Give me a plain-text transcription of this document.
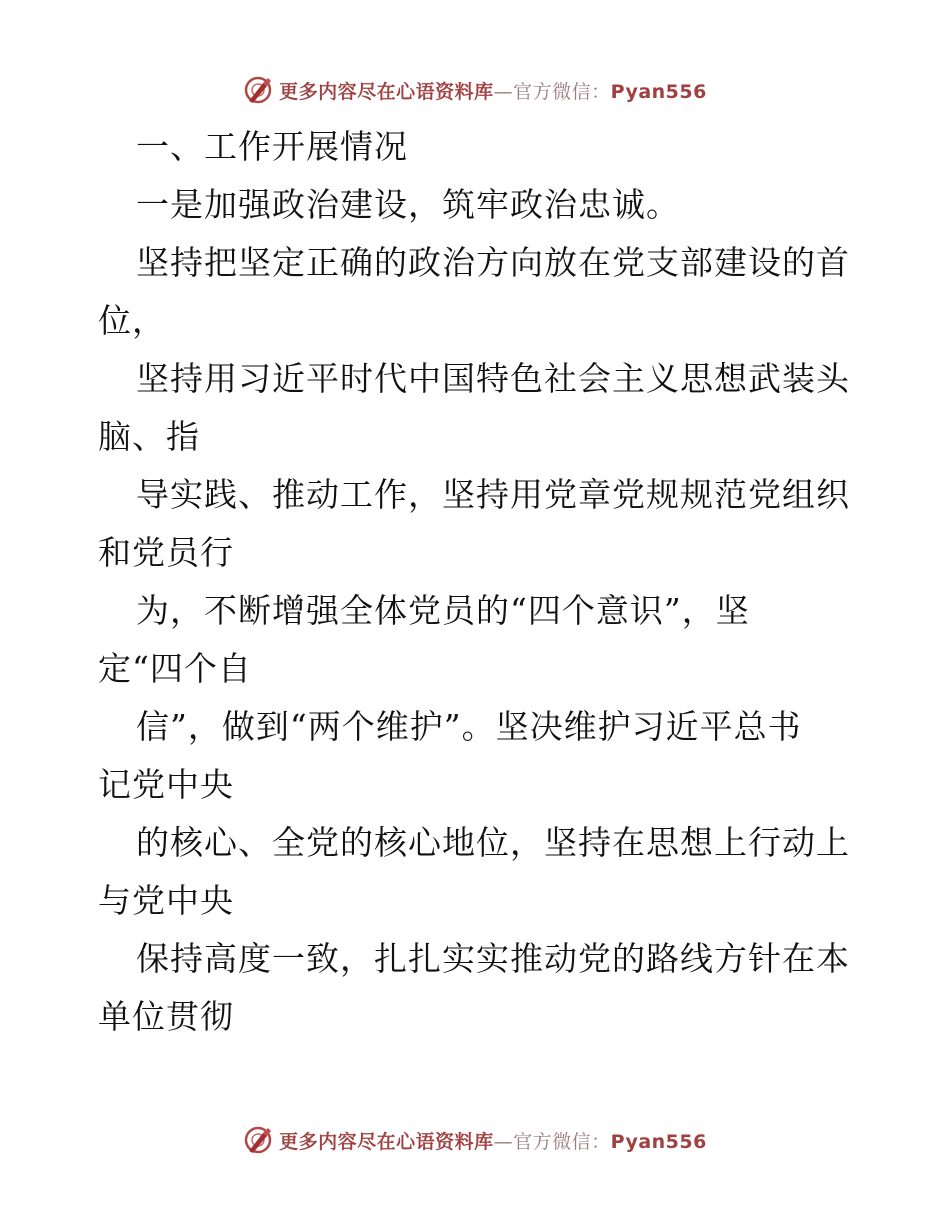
更多内容尽在心语资料库—官方微信：Pyan556
一、工作开展情况
一是加强政治建设，筑牢政治忠诚。
坚持把坚定正确的政治方向放在党支部建设的首
位，
坚持用习近平时代中国特色社会主义思想武装头
脑、指
导实践、推动工作，坚持用党章党规规范党组织
和党员行
为，不断增强全体党员的“四个意识”，坚
定“四个自
信”，做到“两个维护”。坚决维护习近平总书
记党中央
的核心、全党的核心地位，坚持在思想上行动上
与党中央
保持高度一致，扎扎实实推动党的路线方针在本
单位贯彻
更多内容尽在心语资料库—官方微信：Pyan556
